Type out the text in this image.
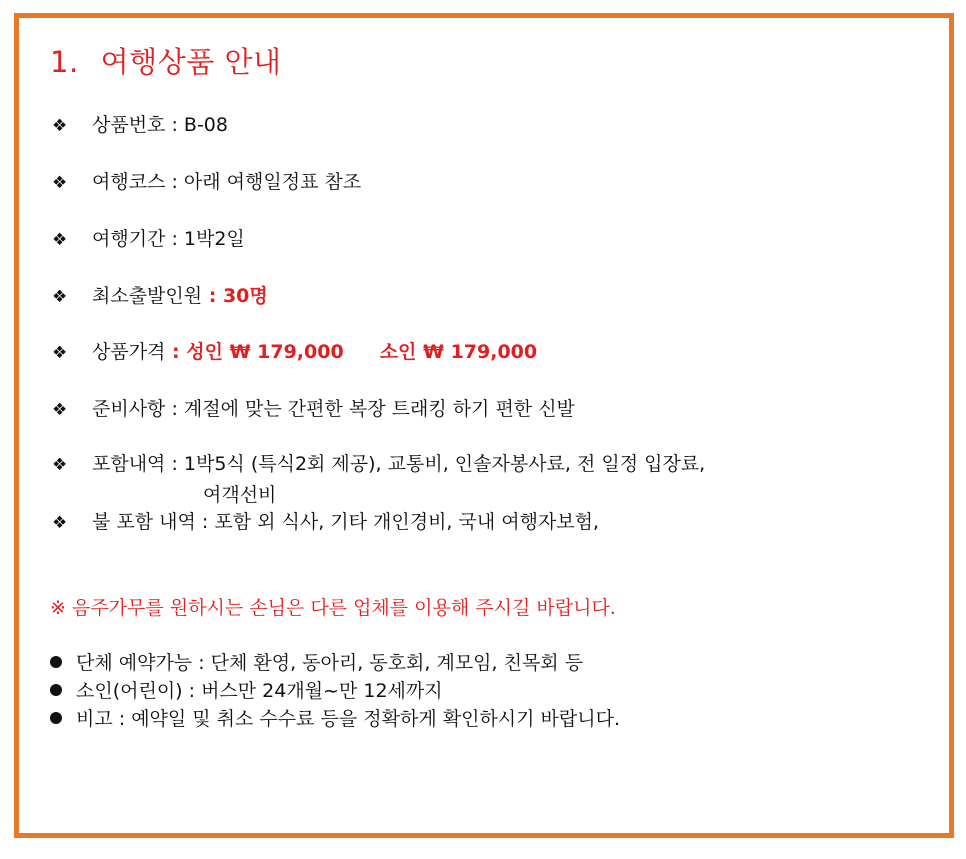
1. 여행상품 안내
❖ 상품번호 : B-08
❖ 여행코스 : 아래 여행일정표 참조
❖ 여행기간 : 1박2일
❖ 최소출발인원 : 30명
❖ 상품가격 : 성인 ₩ 179,000 소인 ₩ 179,000
❖ 준비사항 : 계절에 맞는 간편한 복장 트래킹 하기 편한 신발
❖ 포함내역 : 1박5식 (특식2회 제공), 교통비, 인솔자봉사료, 전 일정 입장료,
여객선비
❖ 불 포함 내역 : 포함 외 식사, 기타 개인경비, 국내 여행자보험,
※ 음주가무를 원하시는 손님은 다른 업체를 이용해 주시길 바랍니다.
단체 예약가능 : 단체 환영, 동아리, 동호회, 계모임, 친목회 등
소인(어린이) : 버스만 24개월~만 12세까지
비고 : 예약일 및 취소 수수료 등을 정확하게 확인하시기 바랍니다.
